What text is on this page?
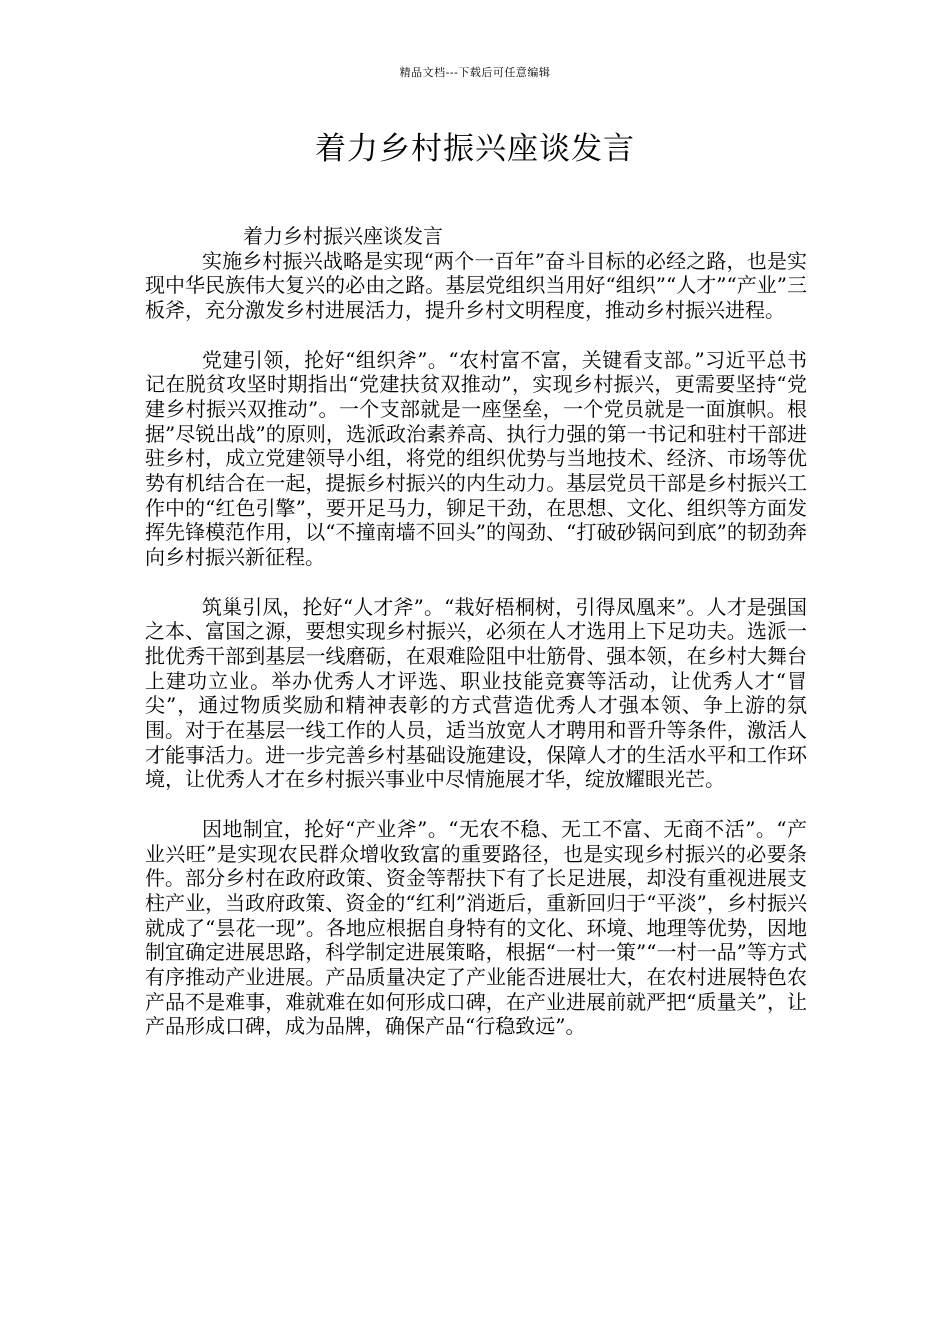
精品文档---下载后可任意编辑
着力乡村振兴座谈发言

着力乡村振兴座谈发言

实施乡村振兴战略是实现“两个一百年”奋斗目标的必经之路，也是实现中华民族伟大复兴的必由之路。基层党组织当用好“组织”“人才”“产业”三板斧，充分激发乡村进展活力，提升乡村文明程度，推动乡村振兴进程。

党建引领，抡好“组织斧”。“农村富不富，关键看支部。”习近平总书记在脱贫攻坚时期指出“党建扶贫双推动”，实现乡村振兴，更需要坚持“党建乡村振兴双推动”。一个支部就是一座堡垒，一个党员就是一面旗帜。根据”尽锐出战”的原则，选派政治素养高、执行力强的第一书记和驻村干部进驻乡村，成立党建领导小组，将党的组织优势与当地技术、经济、市场等优势有机结合在一起，提振乡村振兴的内生动力。基层党员干部是乡村振兴工作中的“红色引擎”，要开足马力，铆足干劲，在思想、文化、组织等方面发挥先锋模范作用，以“不撞南墙不回头”的闯劲、“打破砂锅问到底”的韧劲奔向乡村振兴新征程。

筑巢引凤，抡好“人才斧”。“栽好梧桐树，引得凤凰来”。人才是强国之本、富国之源，要想实现乡村振兴，必须在人才选用上下足功夫。选派一批优秀干部到基层一线磨砺，在艰难险阻中壮筋骨、强本领，在乡村大舞台上建功立业。举办优秀人才评选、职业技能竞赛等活动，让优秀人才“冒尖”，通过物质奖励和精神表彰的方式营造优秀人才强本领、争上游的氛围。对于在基层一线工作的人员，适当放宽人才聘用和晋升等条件，激活人才能事活力。进一步完善乡村基础设施建设，保障人才的生活水平和工作环境，让优秀人才在乡村振兴事业中尽情施展才华，绽放耀眼光芒。

因地制宜，抡好“产业斧”。“无农不稳、无工不富、无商不活”。“产业兴旺”是实现农民群众增收致富的重要路径，也是实现乡村振兴的必要条件。部分乡村在政府政策、资金等帮扶下有了长足进展，却没有重视进展支柱产业，当政府政策、资金的“红利”消逝后，重新回归于“平淡”，乡村振兴就成了“昙花一现”。各地应根据自身特有的文化、环境、地理等优势，因地制宜确定进展思路，科学制定进展策略，根据“一村一策”“一村一品”等方式有序推动产业进展。产品质量决定了产业能否进展壮大，在农村进展特色农产品不是难事，难就难在如何形成口碑，在产业进展前就严把“质量关”，让产品形成口碑，成为品牌，确保产品“行稳致远”。
